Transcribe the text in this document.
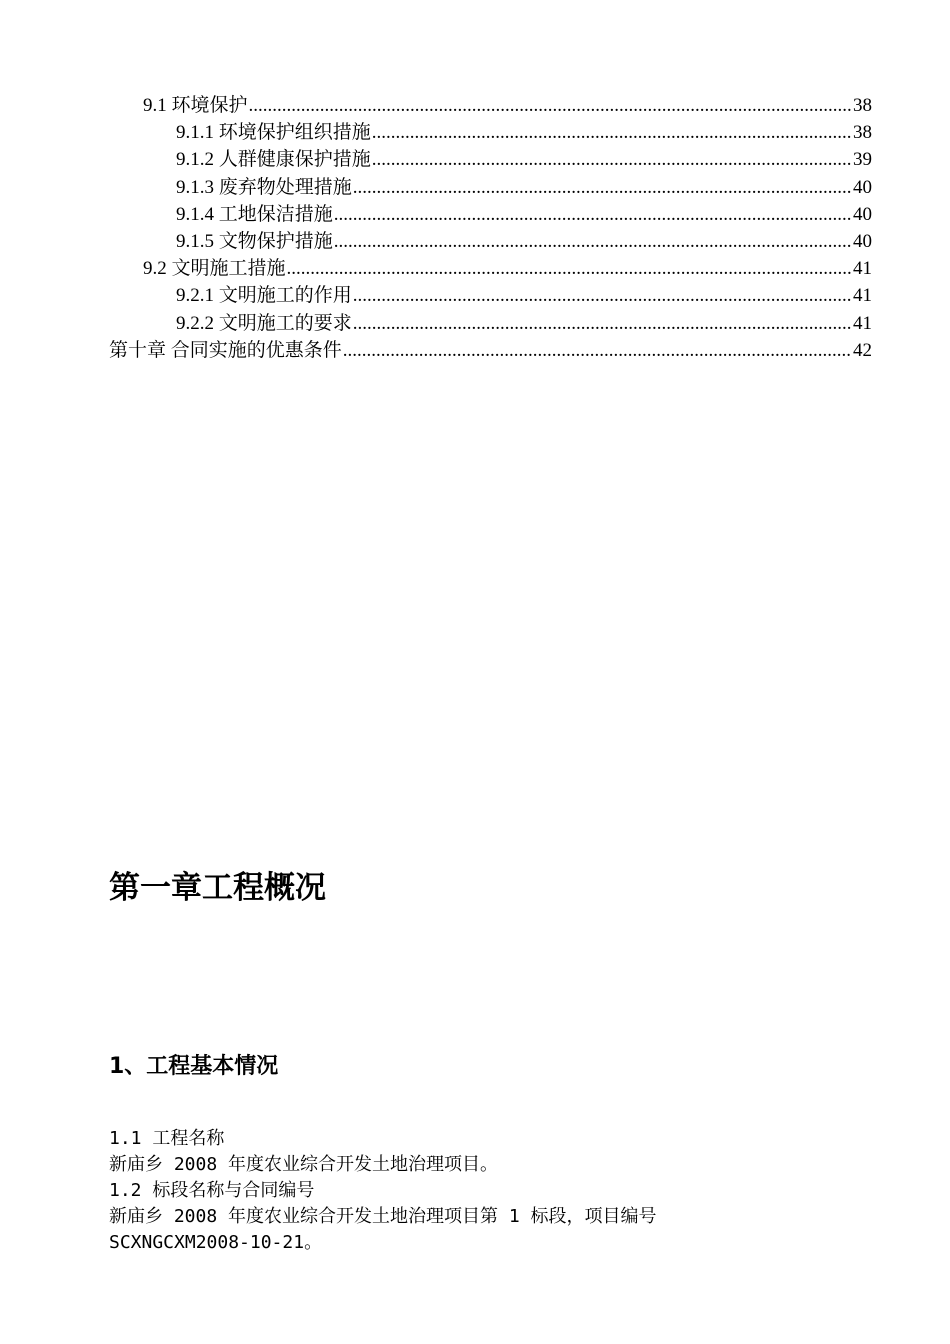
9.1 环境保护 .....	38
9.1.1 环境保护组织措施 .....	38
9.1.2 人群健康保护措施 .....	39
9.1.3 废弃物处理措施 .....	40
9.1.4 工地保洁措施 .....	40
9.1.5 文物保护措施 .....	40
9.2 文明施工措施 .....	41
9.2.1 文明施工的作用 .....	41
9.2.2 文明施工的要求 .....	41
第十章 合同实施的优惠条件 .....	42
第一章工程概况
1、工程基本情况

1.1 工程名称

新庙乡 2008 年度农业综合开发土地治理项目。

1.2 标段名称与合同编号

新庙乡 2008 年度农业综合开发土地治理项目第 1 标段，项目编号

SCXNGCXM2008-10-21。
